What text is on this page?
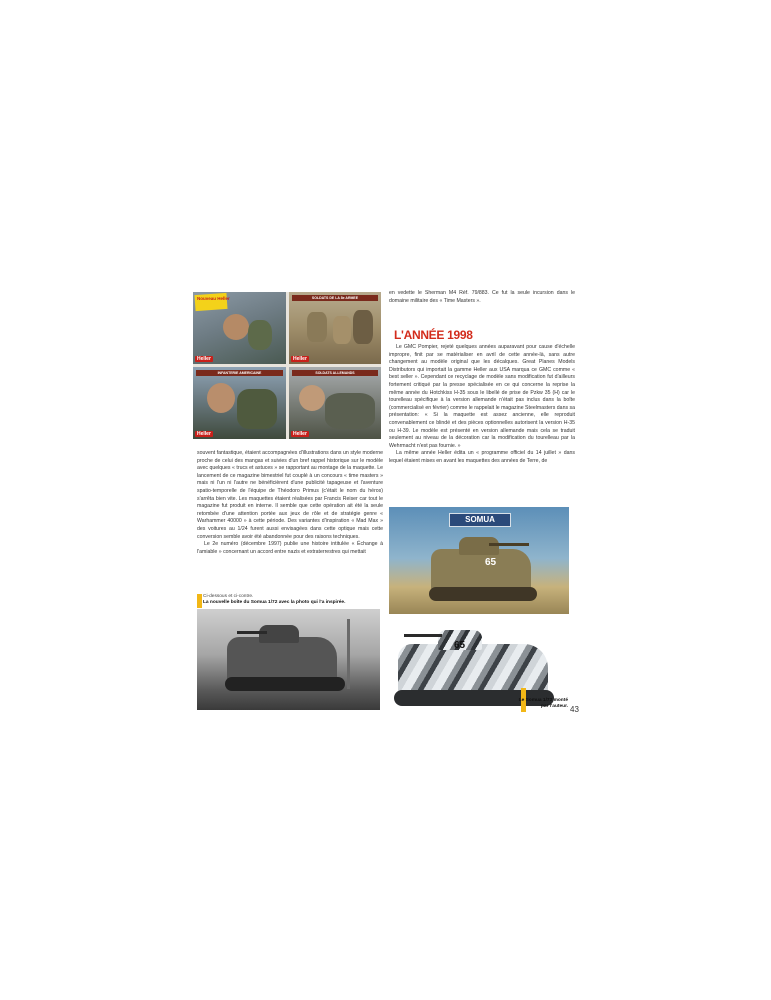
Nouveau Heller
Heller
SOLDATS DE LA 8e ARMEE
Heller
INFANTERIE AMERICAINE
Heller
SOLDATS ALLEMANDS
Heller

souvent fantastique, étaient accompagnées d'illustrations dans un style moderne proche de celui des mangas et suivies d'un bref rappel historique sur le modèle avec quelques « trucs et astuces » se rapportant au montage de la maquette. Le lancement de ce magazine bimestriel fut couplé à un concours « time masters » mais ni l'un ni l'autre ne bénéficièrent d'une publicité tapageuse et l'aventure spatio-temporelle de l'équipe de Théodoro Primus (c'était le nom du héros) s'arrêta bien vite. Les maquettes étaient réalisées par Francis Reiser car tout le magazine fut produit en interne. Il semble que cette opération ait été la seule retombée d'une attention portée aux jeux de rôle et de stratégie genre « Warhammer 40000 » à cette période. Des variantes d'inspiration « Mad Max » des voitures au 1/24 furent aussi envisagées dans cette optique mais cette conversion semble avoir été abandonnée pour des raisons techniques.

Le 2e numéro (décembre 1997) publie une histoire intitulée « Échange à l'amiable » concernant un accord entre nazis et extraterrestres qui mettait

en vedette le Sherman M4 Réf. 79/883. Ce fut la seule incursion dans le domaine militaire des « Time Masters ».

L'ANNÉE 1998

Le GMC Pompier, rejeté quelques années auparavant pour cause d'échelle impropre, finit par se matérialiser en avril de cette année-là, sans autre changement au modèle original que les décalques. Great Planes Models Distributors qui importait la gamme Heller aux USA marqua ce GMC comme « best seller ». Cependant ce recyclage de modèle sans modification fut d'ailleurs fortement critiqué par la presse spécialisée en ce qui concerne la reprise la même année du Hotchkiss H-35 sous le libellé de prise de Pzkw 35 (H) car le tourelleau spécifique à la version allemande n'était pas inclus dans la boîte (commercialisé en février) comme le rappelait le magazine Steelmasters dans sa présentation: « Si la maquette est assez ancienne, elle reproduit convenablement ce blindé et des pièces optionnelles autorisent la version H-35 ou H-39. Le modèle est présenté en version allemande mais cela se traduit seulement au niveau de la décoration car la modification du tourelleau par la Wehrmacht n'est pas fournie. »

La même année Heller édita un « programme officiel du 14 juillet » dans lequel étaient mises en avant les maquettes des années de Terre, de

SOMUA
65
Ci-dessous et ci-contre.
La nouvelle boîte du Somua 1/72 avec la photo qui l'a inspirée.
65
Le Somua 1/72 monté
par l'auteur. 43
